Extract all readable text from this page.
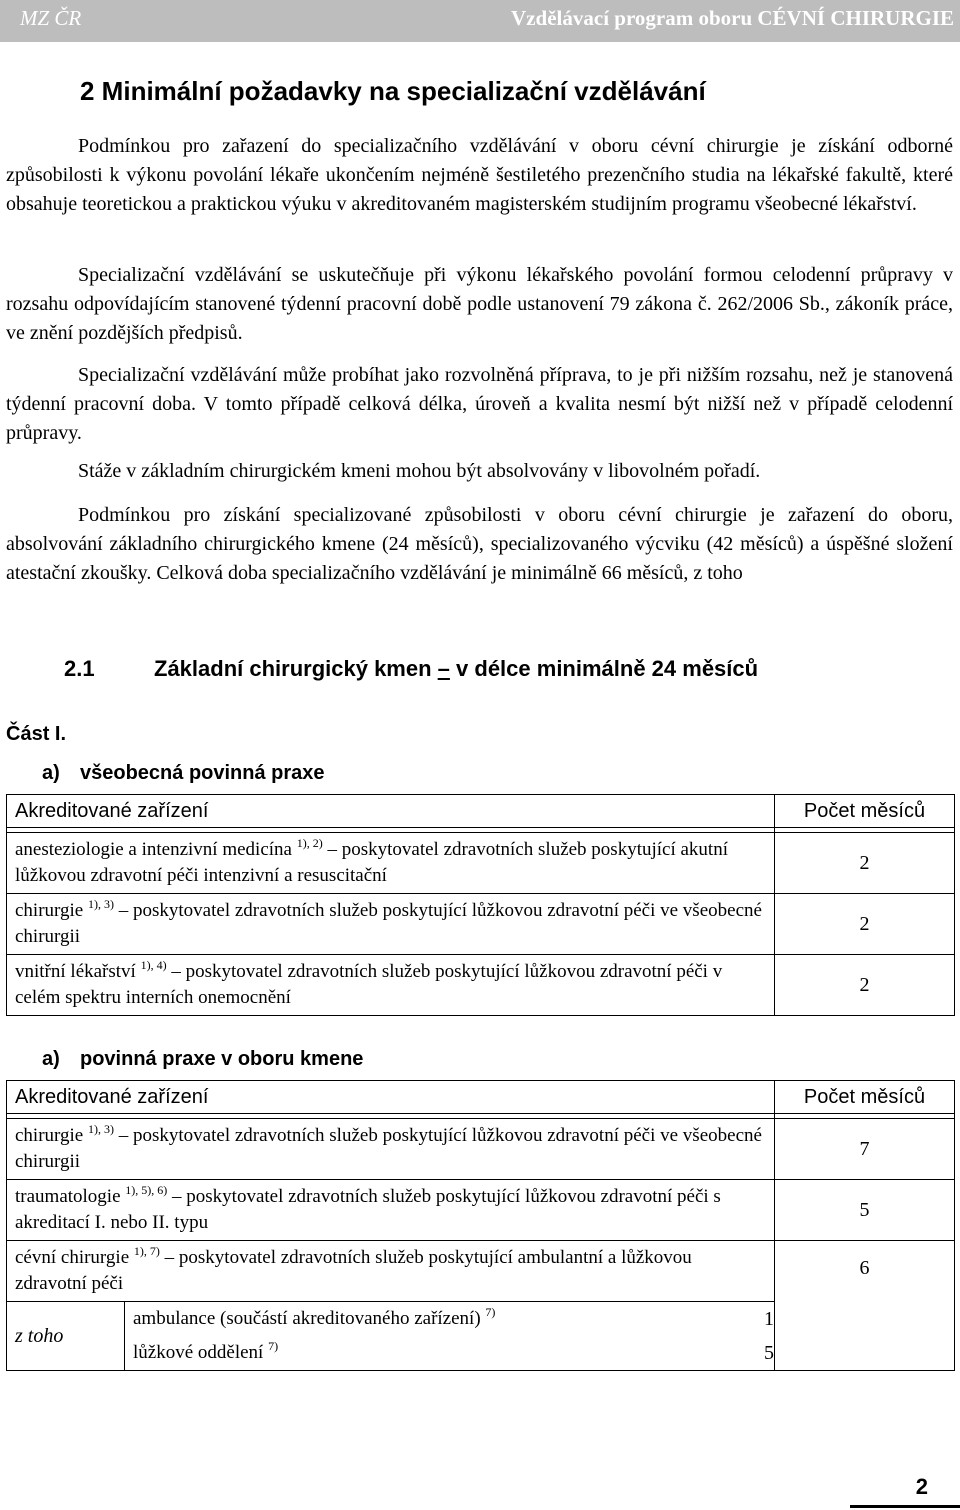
MZ ČR	Vzdělávací program oboru CÉVNÍ CHIRURGIE
2 Minimální požadavky na specializační vzdělávání

Podmínkou pro zařazení do specializačního vzdělávání v oboru cévní chirurgie je získání odborné způsobilosti k výkonu povolání lékaře ukončením nejméně šestiletého prezenčního studia na lékařské fakultě, které obsahuje teoretickou a praktickou výuku v akreditovaném magisterském studijním programu všeobecné lékařství.

Specializační vzdělávání se uskutečňuje při výkonu lékařského povolání formou celodenní průpravy v rozsahu odpovídajícím stanovené týdenní pracovní době podle ustanovení 79 zákona č. 262/2006 Sb., zákoník práce, ve znění pozdějších předpisů.

Specializační vzdělávání může probíhat jako rozvolněná příprava, to je při nižším rozsahu, než je stanovená týdenní pracovní doba. V tomto případě celková délka, úroveň a kvalita nesmí být nižší než v případě celodenní průpravy.

Stáže v základním chirurgickém kmeni mohou být absolvovány v libovolném pořadí.

Podmínkou pro získání specializované způsobilosti v oboru cévní chirurgie je zařazení do oboru, absolvování základního chirurgického kmene (24 měsíců), specializovaného výcviku (42 měsíců) a úspěšné složení atestační zkoušky. Celková doba specializačního vzdělávání je minimálně 66 měsíců, z toho

2.1	Základní chirurgický kmen – v délce minimálně 24 měsíců
Část I.
a) všeobecná povinná praxe
Akreditované zařízení	Počet měsíců

anesteziologie a intenzivní medicína $^{1), 2)}$ – poskytovatel zdravotních služeb poskytující akutní lůžkovou zdravotní péči intenzivní a resuscitační	2
chirurgie $^{1), 3)}$ – poskytovatel zdravotních služeb poskytující lůžkovou zdravotní péči ve všeobecné chirurgii	2
vnitřní lékařství $^{1), 4)}$ – poskytovatel zdravotních služeb poskytující lůžkovou zdravotní péči v celém spektru interních onemocnění	2
a) povinná praxe v oboru kmene
Akreditované zařízení	Počet měsíců

chirurgie $^{1), 3)}$ – poskytovatel zdravotních služeb poskytující lůžkovou zdravotní péči ve všeobecné chirurgii	7
traumatologie $^{1), 5), 6)}$ – poskytovatel zdravotních služeb poskytující lůžkovou zdravotní péči s akreditací I. nebo II. typu	5
cévní chirurgie $^{1), 7)}$ – poskytovatel zdravotních služeb poskytující ambulantní a lůžkovou zdravotní péči	6
z toho	
ambulance (součástí akreditovaného zařízení) $^{7)}$	1
lůžkové oddělení $^{7)}$	5
2
